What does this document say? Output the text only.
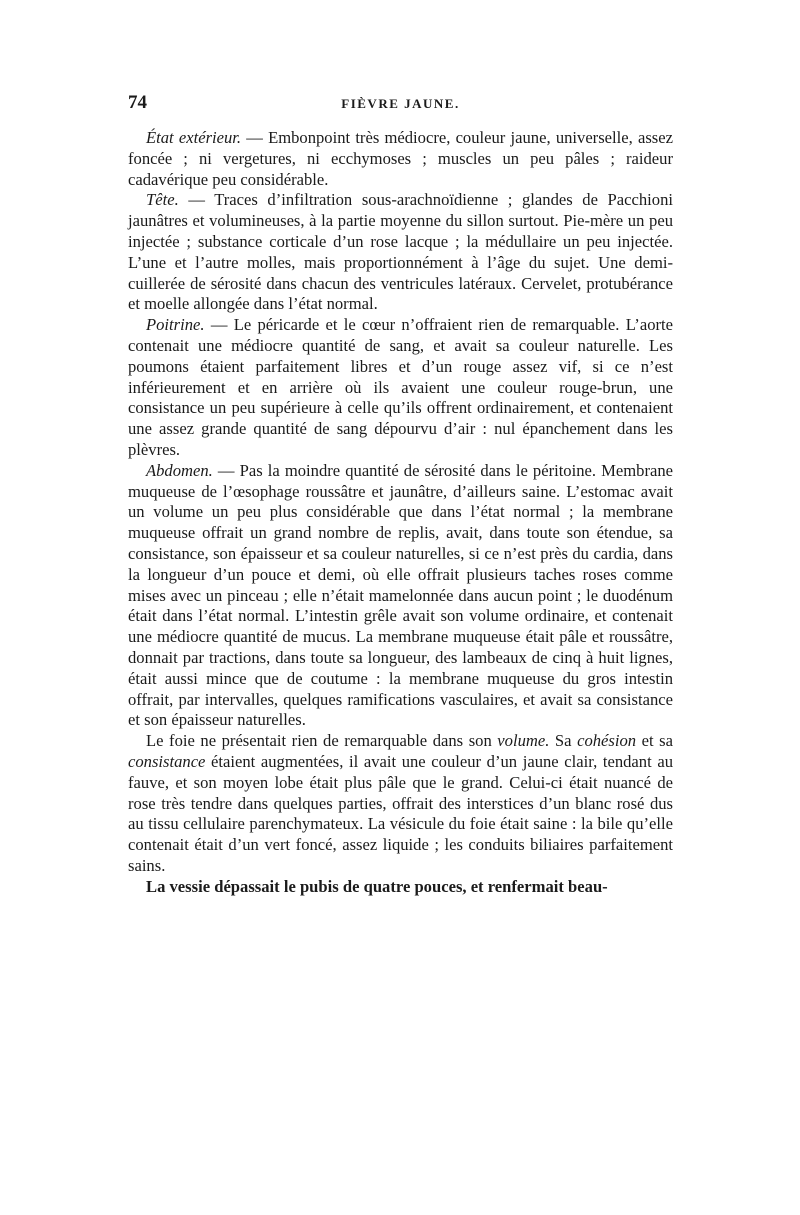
74	FIÈVRE JAUNE.

État extérieur. — Embonpoint très médiocre, couleur jaune, universelle, assez foncée ; ni vergetures, ni ecchymoses ; muscles un peu pâles ; raideur cadavérique peu considérable.

Tête. — Traces d’infiltration sous-arachnoïdienne ; glandes de Pacchioni jaunâtres et volumineuses, à la partie moyenne du sillon surtout. Pie-mère un peu injectée ; substance corticale d’un rose lacque ; la médullaire un peu injectée. L’une et l’autre molles, mais proportionnément à l’âge du sujet. Une demi-cuillerée de sérosité dans chacun des ventricules latéraux. Cervelet, protubérance et moelle allongée dans l’état normal.

Poitrine. — Le péricarde et le cœur n’offraient rien de remarquable. L’aorte contenait une médiocre quantité de sang, et avait sa couleur naturelle. Les poumons étaient parfaitement libres et d’un rouge assez vif, si ce n’est inférieurement et en arrière où ils avaient une couleur rouge-brun, une consistance un peu supérieure à celle qu’ils offrent ordinairement, et contenaient une assez grande quantité de sang dépourvu d’air : nul épanchement dans les plèvres.

Abdomen. — Pas la moindre quantité de sérosité dans le péritoine. Membrane muqueuse de l’œsophage roussâtre et jaunâtre, d’ailleurs saine. L’estomac avait un volume un peu plus considérable que dans l’état normal ; la membrane muqueuse offrait un grand nombre de replis, avait, dans toute son étendue, sa consistance, son épaisseur et sa couleur naturelles, si ce n’est près du cardia, dans la longueur d’un pouce et demi, où elle offrait plusieurs taches roses comme mises avec un pinceau ; elle n’était mamelonnée dans aucun point ; le duodénum était dans l’état normal. L’intestin grêle avait son volume ordinaire, et contenait une médiocre quantité de mucus. La membrane muqueuse était pâle et roussâtre, donnait par tractions, dans toute sa longueur, des lambeaux de cinq à huit lignes, était aussi mince que de coutume : la membrane muqueuse du gros intestin offrait, par intervalles, quelques ramifications vasculaires, et avait sa consistance et son épaisseur naturelles.

Le foie ne présentait rien de remarquable dans son volume. Sa cohésion et sa consistance étaient augmentées, il avait une couleur d’un jaune clair, tendant au fauve, et son moyen lobe était plus pâle que le grand. Celui-ci était nuancé de rose très tendre dans quelques parties, offrait des interstices d’un blanc rosé dus au tissu cellulaire parenchymateux. La vésicule du foie était saine : la bile qu’elle contenait était d’un vert foncé, assez liquide ; les conduits biliaires parfaitement sains.

La vessie dépassait le pubis de quatre pouces, et renfermait beau-
